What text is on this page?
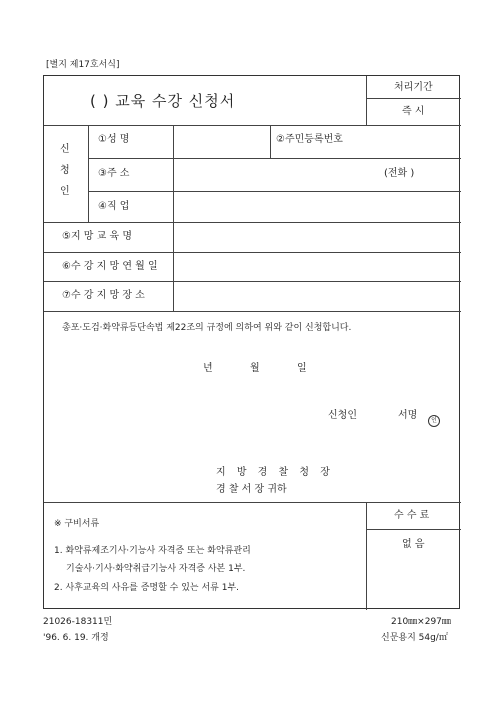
[별지 제17호서식]
( ) 교육 수강 신청서
처리기간
즉 시
신
청
인
①성 명	②주민등록번호
③주 소	(전화 )
④직 업
⑤지 망 교 육 명
⑥수 강 지 망 연 월 일
⑦수 강 지 망 장 소
총포·도검·화약류등단속법 제22조의 규정에 의하여 위와 같이 신청합니다.
년	월	일
신청인	서명	인
지 방 경 찰 청 장
경 찰 서 장 귀하
※ 구비서류
1. 화약류제조기사·기능사 자격증 또는 화약류관리
기술사·기사·화약취급기능사 자격증 사본 1부.
2. 사후교육의 사유를 증명할 수 있는 서류 1부.
수 수 료
없 음
21026-18311민
'96. 6. 19. 개정
210㎜×297㎜
신문용지 54g/㎡
